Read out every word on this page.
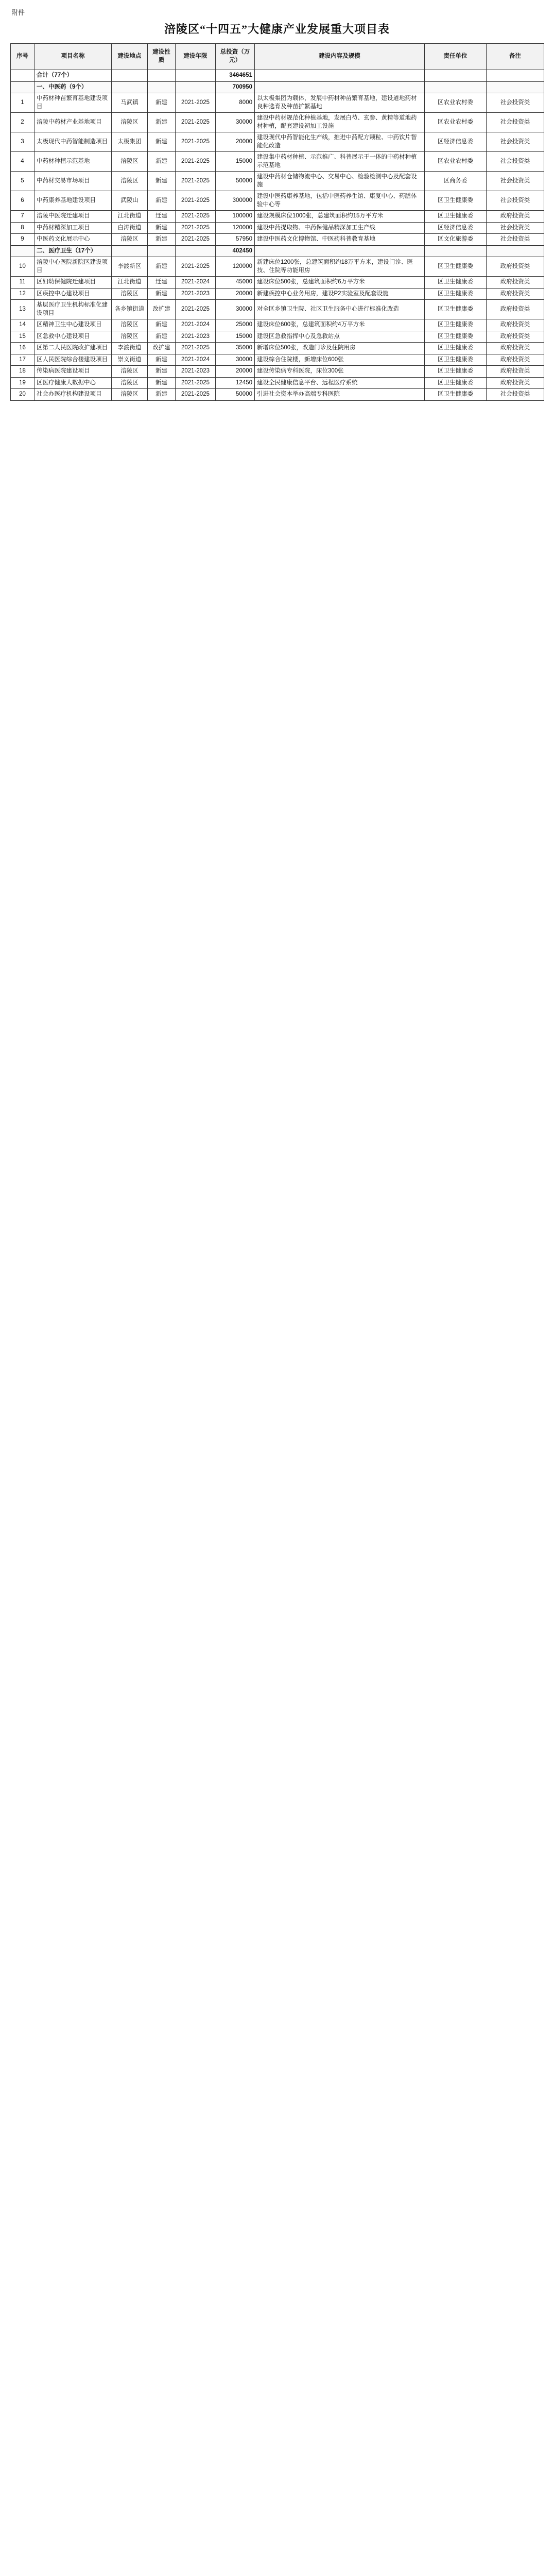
附件
涪陵区“十四五”大健康产业发展重大项目表
序号	项目名称	建设地点	建设性质	建设年限	总投资（万元）	建设内容及规模	责任单位	备注
	合计（77个）				3464651			
	一、中医药（9个）				700950			
1	中药材种苗繁育基地建设项目	马武镇	新建	2021-2025	8000	以太极集团为载体，发展中药材种苗繁育基地，建设道地药材良种选育及种苗扩繁基地	区农业农村委	社会投资类
2	涪陵中药材产业基地项目	涪陵区	新建	2021-2025	30000	建设中药材规范化种植基地，发展白芍、玄参、黄精等道地药材种植，配套建设初加工设施	区农业农村委	社会投资类
3	太极现代中药智能制造项目	太极集团	新建	2021-2025	20000	建设现代中药智能化生产线，推进中药配方颗粒、中药饮片智能化改造	区经济信息委	社会投资类
4	中药材种植示范基地	涪陵区	新建	2021-2025	15000	建设集中药材种植、示范推广、科普展示于一体的中药材种植示范基地	区农业农村委	社会投资类
5	中药材交易市场项目	涪陵区	新建	2021-2025	50000	建设中药材仓储物流中心、交易中心、检验检测中心及配套设施	区商务委	社会投资类
6	中药康养基地建设项目	武陵山	新建	2021-2025	300000	建设中医药康养基地，包括中医药养生馆、康复中心、药膳体验中心等	区卫生健康委	社会投资类
7	涪陵中医院迁建项目	江北街道	迁建	2021-2025	100000	建设规模床位1000张，总建筑面积约15万平方米	区卫生健康委	政府投资类
8	中药材精深加工项目	白涛街道	新建	2021-2025	120000	建设中药提取物、中药保健品精深加工生产线	区经济信息委	社会投资类
9	中医药文化展示中心	涪陵区	新建	2021-2025	57950	建设中医药文化博物馆、中医药科普教育基地	区文化旅游委	社会投资类
	二、医疗卫生（17个）				402450			
10	涪陵中心医院新院区建设项目	李渡新区	新建	2021-2025	120000	新建床位1200张，总建筑面积约18万平方米，建设门诊、医技、住院等功能用房	区卫生健康委	政府投资类
11	区妇幼保健院迁建项目	江北街道	迁建	2021-2024	45000	建设床位500张，总建筑面积约6万平方米	区卫生健康委	政府投资类
12	区疾控中心建设项目	涪陵区	新建	2021-2023	20000	新建疾控中心业务用房，建设P2实验室及配套设施	区卫生健康委	政府投资类
13	基层医疗卫生机构标准化建设项目	各乡镇街道	改扩建	2021-2025	30000	对全区乡镇卫生院、社区卫生服务中心进行标准化改造	区卫生健康委	政府投资类
14	区精神卫生中心建设项目	涪陵区	新建	2021-2024	25000	建设床位600张，总建筑面积约4万平方米	区卫生健康委	政府投资类
15	区急救中心建设项目	涪陵区	新建	2021-2023	15000	建设区急救指挥中心及急救站点	区卫生健康委	政府投资类
16	区第二人民医院改扩建项目	李渡街道	改扩建	2021-2025	35000	新增床位500张，改造门诊及住院用房	区卫生健康委	政府投资类
17	区人民医院综合楼建设项目	崇义街道	新建	2021-2024	30000	建设综合住院楼，新增床位600张	区卫生健康委	政府投资类
18	传染病医院建设项目	涪陵区	新建	2021-2023	20000	建设传染病专科医院，床位300张	区卫生健康委	政府投资类
19	区医疗健康大数据中心	涪陵区	新建	2021-2025	12450	建设全民健康信息平台、远程医疗系统	区卫生健康委	政府投资类
20	社会办医疗机构建设项目	涪陵区	新建	2021-2025	50000	引进社会资本举办高端专科医院	区卫生健康委	社会投资类
